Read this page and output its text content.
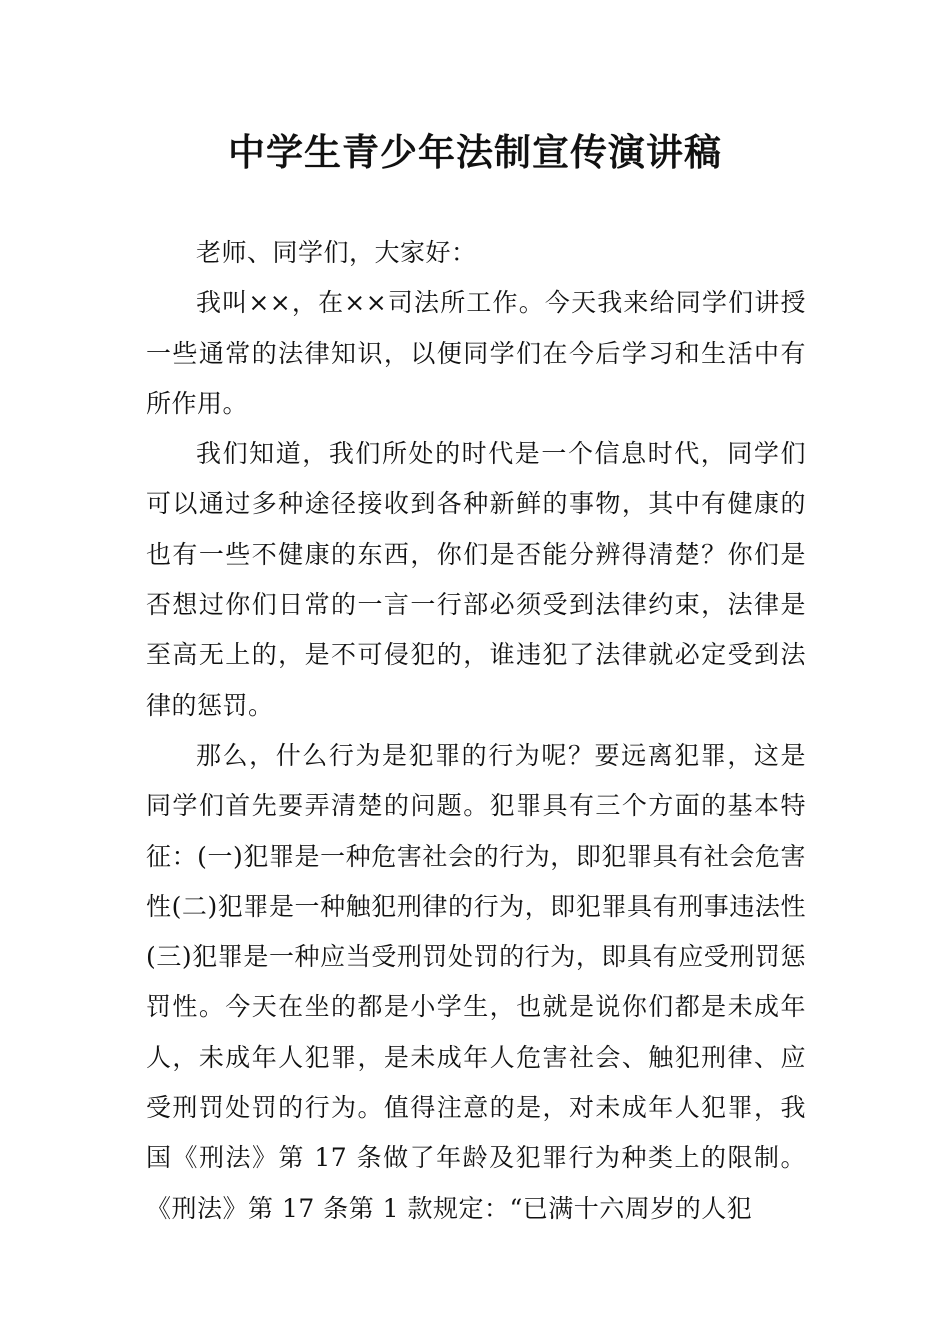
中学生青少年法制宣传演讲稿

老师、同学们，大家好：

我叫××，在××司法所工作。今天我来给同学们讲授一些通常的法律知识，以便同学们在今后学习和生活中有所作用。

我们知道，我们所处的时代是一个信息时代，同学们可以通过多种途径接收到各种新鲜的事物，其中有健康的也有一些不健康的东西，你们是否能分辨得清楚？你们是否想过你们日常的一言一行部必须受到法律约束，法律是至高无上的，是不可侵犯的，谁违犯了法律就必定受到法律的惩罚。

那么，什么行为是犯罪的行为呢？要远离犯罪，这是同学们首先要弄清楚的问题。犯罪具有三个方面的基本特征：(一)犯罪是一种危害社会的行为，即犯罪具有社会危害性(二)犯罪是一种触犯刑律的行为，即犯罪具有刑事违法性(三)犯罪是一种应当受刑罚处罚的行为，即具有应受刑罚惩罚性。今天在坐的都是小学生，也就是说你们都是未成年人，未成年人犯罪，是未成年人危害社会、触犯刑律、应受刑罚处罚的行为。值得注意的是，对未成年人犯罪，我国《刑法》第 17 条做了年龄及犯罪行为种类上的限制。《刑法》第 17 条第 1 款规定：“已满十六周岁的人犯
